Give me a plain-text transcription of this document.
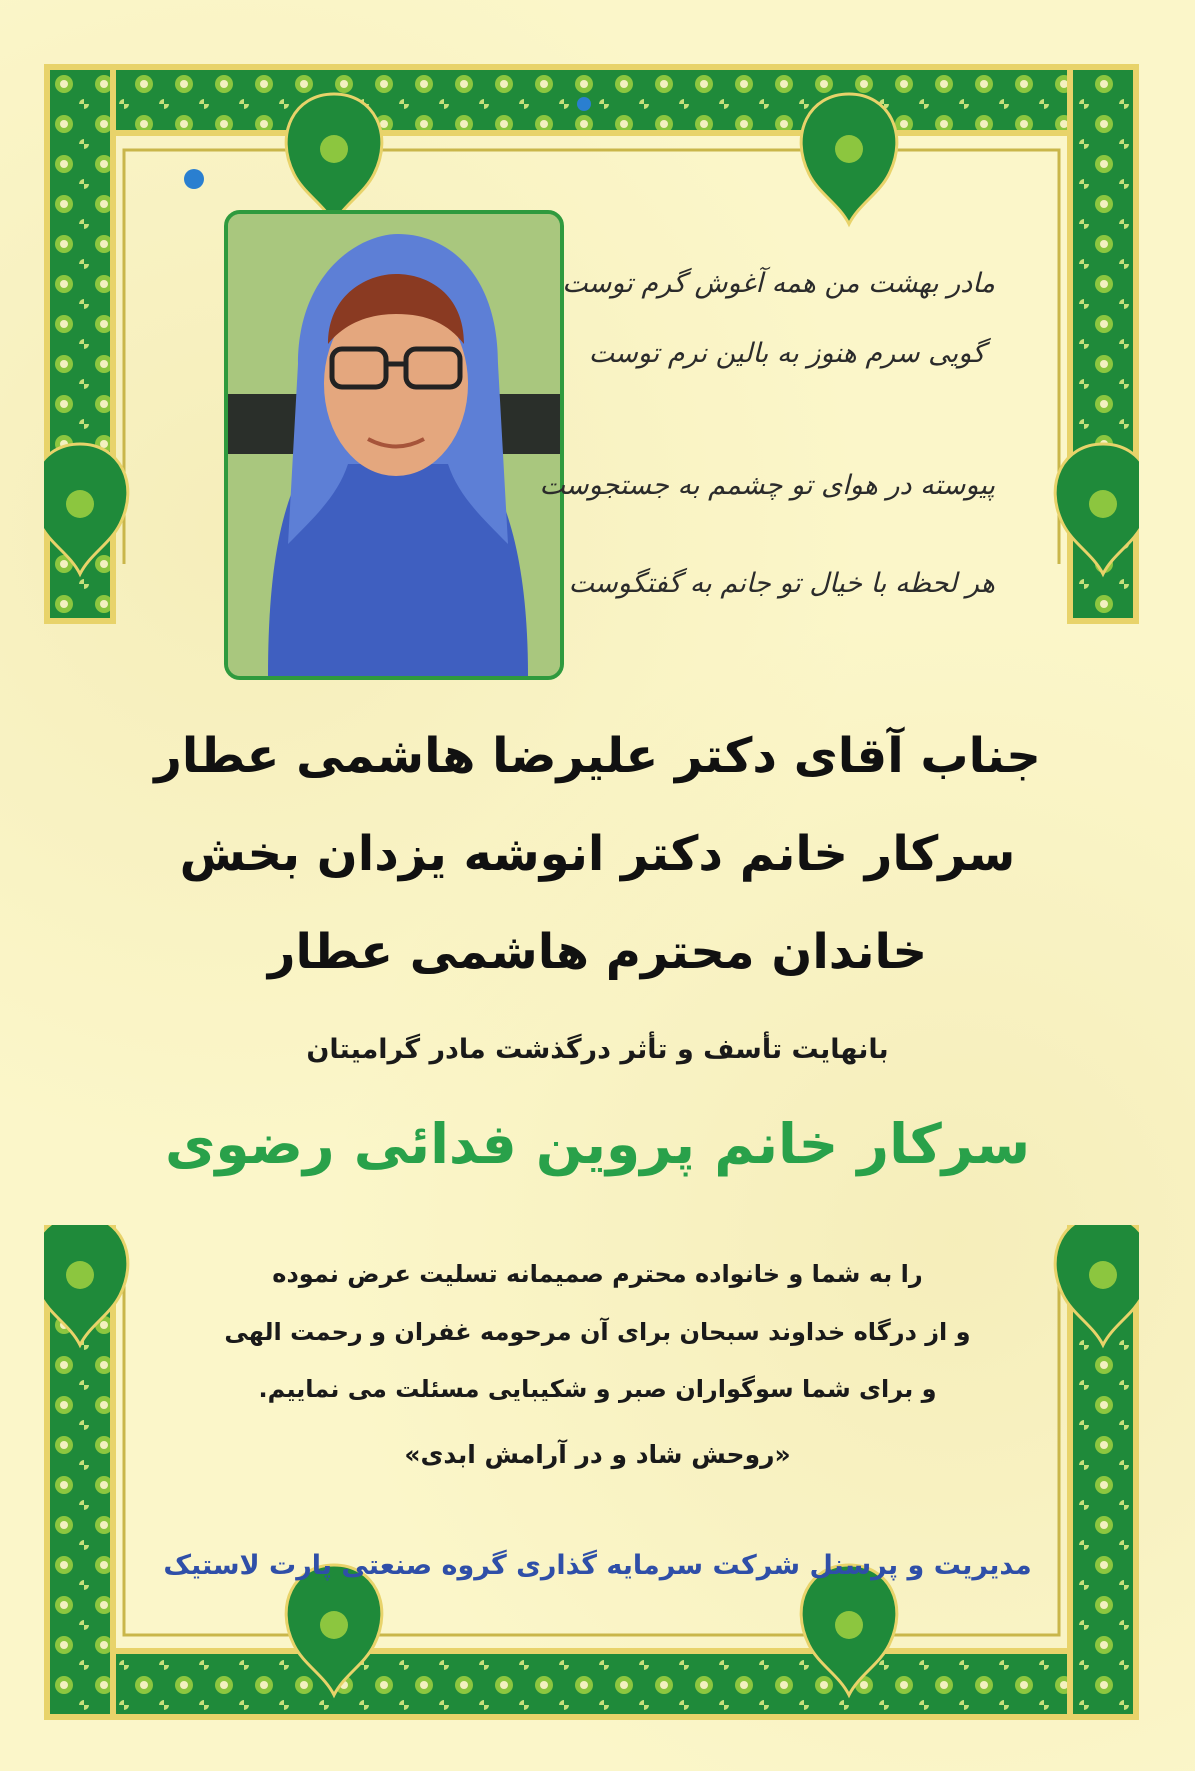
مادر بهشت من همه آغوش گرم توست
گویی سرم هنوز به بالین نرم توست
پیوسته در هوای تو چشمم به جستجوست
هر لحظه با خیال تو جانم به گفتگوست
جناب آقای دکتر علیرضا هاشمی عطار
سرکار خانم دکتر انوشه یزدان بخش
خاندان محترم هاشمی عطار
بانهایت تأسف و تأثر درگذشت مادر گرامیتان
سرکار خانم پروین فدائی رضوی
را به شما و خانواده محترم صمیمانه تسلیت عرض نموده
و از درگاه خداوند سبحان برای آن مرحومه غفران و رحمت الهی
و برای شما سوگواران صبر و شکیبایی مسئلت می نماییم.
«روحش شاد و در آرامش ابدی»
مدیریت و پرسنل شرکت سرمایه گذاری گروه صنعتی پارت لاستیک
